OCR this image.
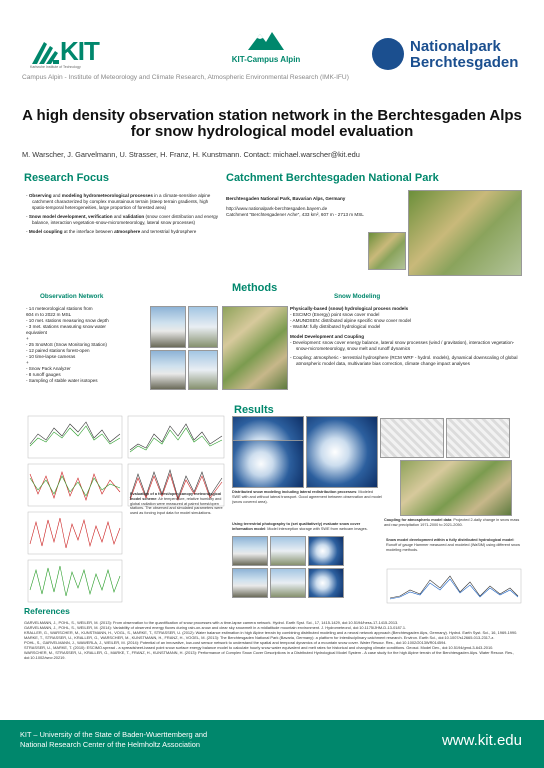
KIT
Karlsruhe Institute of Technology
KIT-Campus Alpin
Nationalpark
Berchtesgaden
Campus Alpin - Institute of Meteorology and Climate Research, Atmospheric Environmental Research (IMK-IFU)
A high density observation station network in the Berchtesgaden Alps for snow hydrological model evaluation
M. Warscher, J. Garvelmann, U. Strasser, H. Franz, H. Kunstmann. Contact: michael.warscher@kit.edu
Research Focus
- Observing and modeling hydrometeorological processes in a climate-sensitive alpine catchment characterized by complex mountainous terrain (steep terrain gradients, high spatio-temporal heterogeneities, large proportion of forested area)
- Snow model development, verification and validation (snow cover distribution and energy balance, interaction vegetation-snow-micrometeorology, lateral snow processes)
- Model coupling at the interface between atmosphere and terrestrial hydrosphere
Catchment Berchtesgaden National Park
Berchtesgaden National Park, Bavarian Alps, Germany
http://www.nationalpark-berchtesgaden.bayern.de
Catchment "Berchtesgadener Ache", 433 km², 607 m - 2713 m MSL
Methods
Observation Network	Snow Modeling
- 14 meteorological stations from
604 m to 2022 m MSL
- 10 met. stations measuring snow depth
- 3 met. stations measuring snow water
equivalent
+
- 25 SnoMoS (Snow Monitoring Station)
- 12 paired stations forest-open
- 10 time-lapse cameras
+
- Snow Pack Analyzer
- 8 runoff gauges
- Sampling of stable water isotopes
Physically-based (snow) hydrological process models
- ESCIMO (Energy) point snow cover model
- AMUNDSEN: distributed alpine specific snow cover model
- WaSiM: fully distributed hydrological model
Model Development and Coupling
- Development: snow cover energy balance, lateral snow processes (wind / gravitation), interaction vegetation-snow-micrometeorology, snow melt and runoff dynamics
- Coupling: atmospheric - terrestrial hydrosphere (RCM WRF - hydrol. models), dynamical downscaling of global atmospheric model data, multivariate bias correction, climate change impact analyses
Results
Evaluation of a forest/open canopy meteorological model scheme: Air temperature, relative humidity and global radiation were measured at paired forest/open stations. The observed and simulated parameters were used as forcing input data for model simulations.
Distributed snow modeling including lateral redistribution processes: Modeled SWE with and without lateral transport. Good agreement between observation and model (snow covered area).
Coupling for atmospheric model data: Projected 2-daily change in snow mass and raw precipitation 1971-2000 to 2021-2050.
Using terrestrial photography to (set qualitatively) evaluate snow cover information model: Model interception storage with SWE from webcam images.
Snow model development within a fully distributed hydrological model: Runoff of gauge Hammer measured and modeled (WaSiM) using different snow modeling methods.
References
GARVELMANN, J., POHL, S., WEILER, M. (2013): From observation to the quantification of snow processes with a time-lapse camera network. Hydrol. Earth Syst. Sci., 17, 1415-1429, doi:10.5194/hess-17-1415-2013.
GARVELMANN, J., POHL, S., WEILER, M. (2014): Variability of observed energy fluxes during rain-on-snow and clear sky snowmelt in a midlatitude mountain environment. J. Hydrometeorol, doi:10.1175/JHM-D-13-0187.1.
KRALLER, G., WARSCHER, M., KUNSTMANN, H., VOGL, S., MARKE, T., STRASSER, U. (2012): Water balance estimation in high Alpine terrain by combining distributed modeling and a neural network approach (Berchtesgaden Alps, Germany). Hydrol. Earth Syst. Sci., 16, 1969-1990.
MARKE, T., STRASSER, U., KRALLER, G., WARSCHER, M., KUNSTMANN, H., FRANZ, H., VOGEL, M. (2013): The Berchtesgaden National Park (Bavaria, Germany): a platform for interdisciplinary catchment research. Environ. Earth Sci., doi:10.1007/s12665-013-2317-z.
POHL, S., GARVELMANN, J., WAWERLA, J., WEILER, M. (2014): Potential of an innovative, low-cost sensor network to understand the spatial and temporal dynamics of a mountain snow cover. Water Resour. Res., doi:10.1002/2013WR014594.
STRASSER, U., MARKE, T. (2010): ESCIMO.spread - a spreadsheet-based point snow surface energy balance model to calculate hourly snow water equivalent and melt rates for historical and changing climate conditions. Geosci. Model Dev., doi:10.5194/gmd-3-643-2010.
WARSCHER, M., STRASSER, U., KRALLER, G., MARKE, T., FRANZ, H., KUNSTMANN, H. (2013): Performance of Complex Snow Cover Descriptions in a Distributed Hydrological Model System - A case study for the high Alpine terrain of the Berchtesgaden Alps. Water Resour. Res., doi:10.1002/wrcr.20219.
KIT – University of the State of Baden-Wuerttemberg and
National Research Center of the Helmholtz Association	www.kit.edu
